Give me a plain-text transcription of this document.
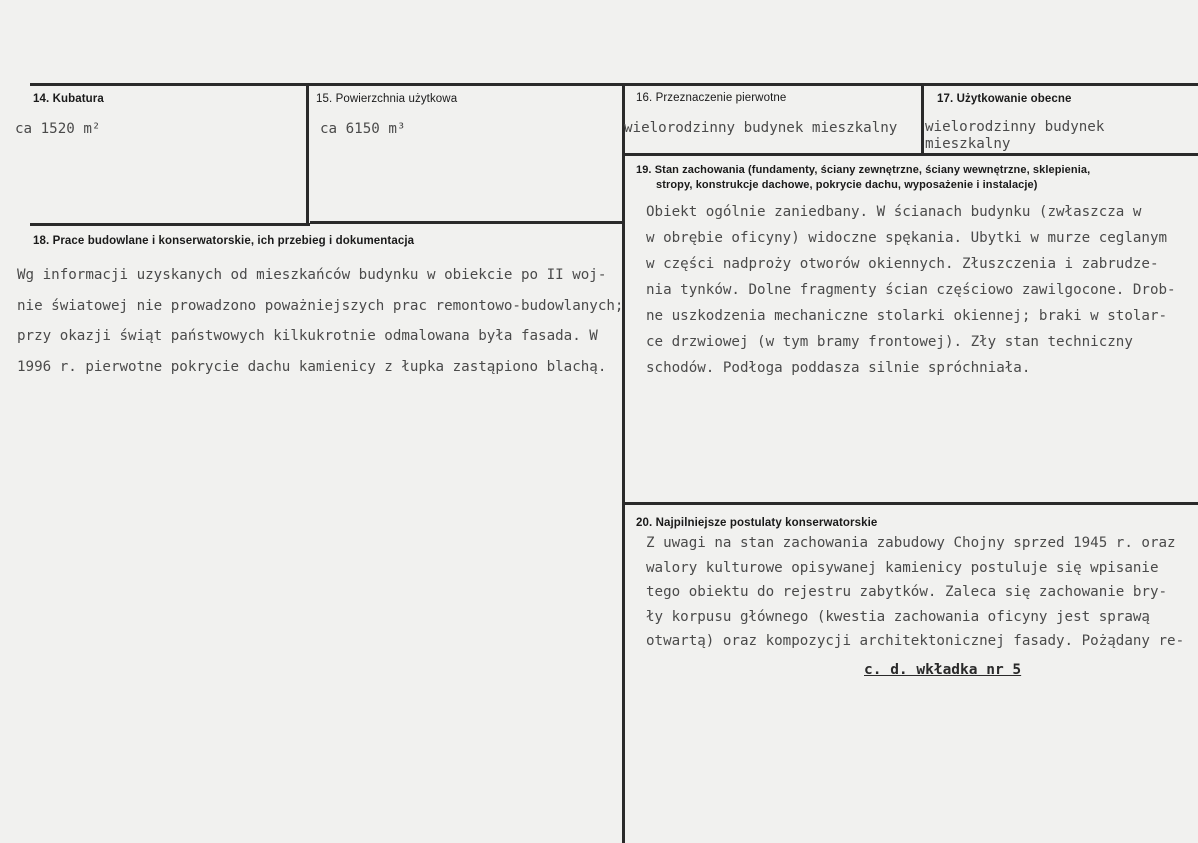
14. Kubatura
ca 1520 m²
15. Powierzchnia użytkowa
ca 6150 m³
16. Przeznaczenie pierwotne
wielorodzinny budynek mieszkalny
17. Użytkowanie obecne
wielorodzinny budynek
mieszkalny
18. Prace budowlane i konserwatorskie, ich przebieg i dokumentacja
Wg informacji uzyskanych od mieszkańców budynku w obiekcie po II woj-
nie światowej nie prowadzono poważniejszych prac remontowo-budowlanych;
przy okazji świąt państwowych kilkukrotnie odmalowana była fasada. W
1996 r. pierwotne pokrycie dachu kamienicy z łupka zastąpiono blachą.
19. Stan zachowania (fundamenty, ściany zewnętrzne, ściany wewnętrzne, sklepienia,
stropy, konstrukcje dachowe, pokrycie dachu, wyposażenie i instalacje)
Obiekt ogólnie zaniedbany. W ścianach budynku (zwłaszcza w
w obrębie oficyny) widoczne spękania. Ubytki w murze ceglanym
w części nadproży otworów okiennych. Złuszczenia i zabrudze-
nia tynków. Dolne fragmenty ścian częściowo zawilgocone. Drob-
ne uszkodzenia mechaniczne stolarki okiennej; braki w stolar-
ce drzwiowej (w tym bramy frontowej). Zły stan techniczny
schodów. Podłoga poddasza silnie spróchniała.
20. Najpilniejsze postulaty konserwatorskie
Z uwagi na stan zachowania zabudowy Chojny sprzed 1945 r. oraz
walory kulturowe opisywanej kamienicy postuluje się wpisanie
tego obiektu do rejestru zabytków. Zaleca się zachowanie bry-
ły korpusu głównego (kwestia zachowania oficyny jest sprawą
otwartą) oraz kompozycji architektonicznej fasady. Pożądany re-
c. d. wkładka nr 5
